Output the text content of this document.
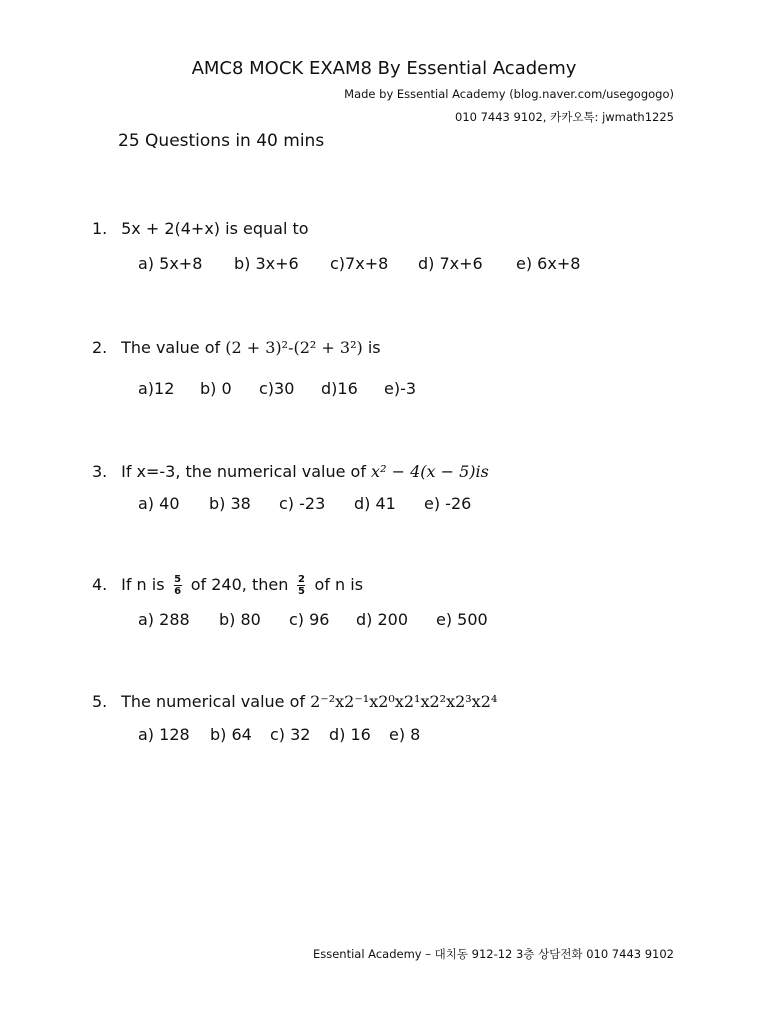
AMC8 MOCK EXAM8 By Essential Academy
Made by Essential Academy (blog.naver.com/usegogogo)
010 7443 9102, 카카오톡: jwmath1225
25 Questions in 40 mins
1. 5x + 2(4+x) is equal to
a) 5x+8 b) 3x+6 c)7x+8 d) 7x+6 e) 6x+8
2. The value of (2 + 3)²-(2² + 3²) is
a)12 b) 0 c)30 d)16 e)-3
3. If x=-3, the numerical value of x² − 4(x − 5)is
a) 40 b) 38 c) -23 d) 41 e) -26
4. If n is $\frac{5}{6}$ of 240, then $\frac{2}{5}$ of n is
a) 288 b) 80 c) 96 d) 200 e) 500
5. The numerical value of 2⁻²x2⁻¹x2⁰x2¹x2²x2³x2⁴
a) 128 b) 64 c) 32 d) 16 e) 8
Essential Academy – 대치동 912-12 3층 상담전화 010 7443 9102
